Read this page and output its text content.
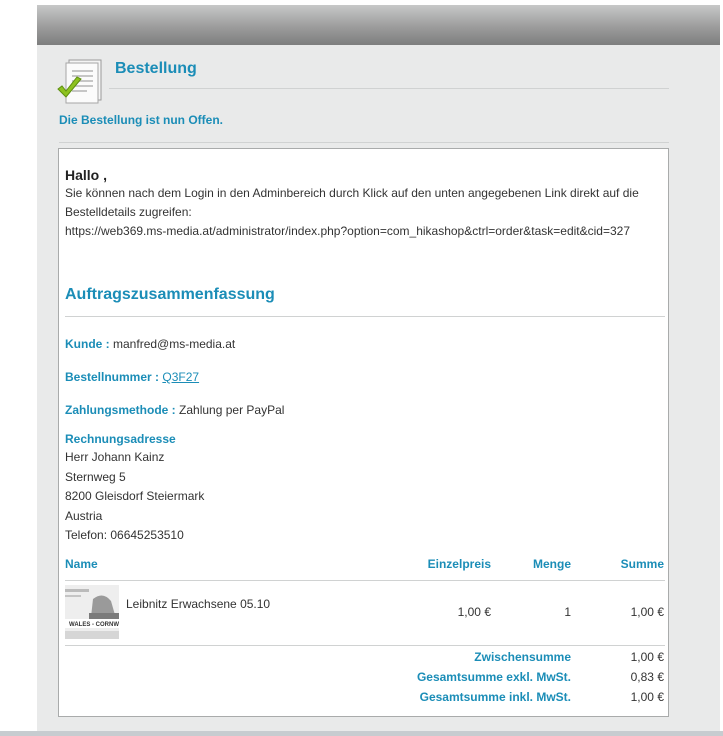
Bestellung
Die Bestellung ist nun Offen.
Hallo ,

Sie können nach dem Login in den Adminbereich durch Klick auf den unten angegebenen Link direkt auf die Bestelldetails zugreifen:
https://web369.ms-media.at/administrator/index.php?option=com_hikashop&ctrl=order&task=edit&cid=327

Auftragszusammenfassung
Kunde : manfred@ms-media.at
Bestellnummer : Q3F27
Zahlungsmethode : Zahlung per PayPal
Rechnungsadresse
Herr Johann Kainz
Sternweg 5
8200 Gleisdorf Steiermark
Austria
Telefon: 06645253510
Name	Einzelpreis	Menge	Summe
WALES - CORNW
Leibnitz Erwachsene 05.10
1,00 €	1	1,00 €
Zwischensumme	1,00 €
Gesamtsumme exkl. MwSt.	0,83 €
Gesamtsumme inkl. MwSt.	1,00 €
